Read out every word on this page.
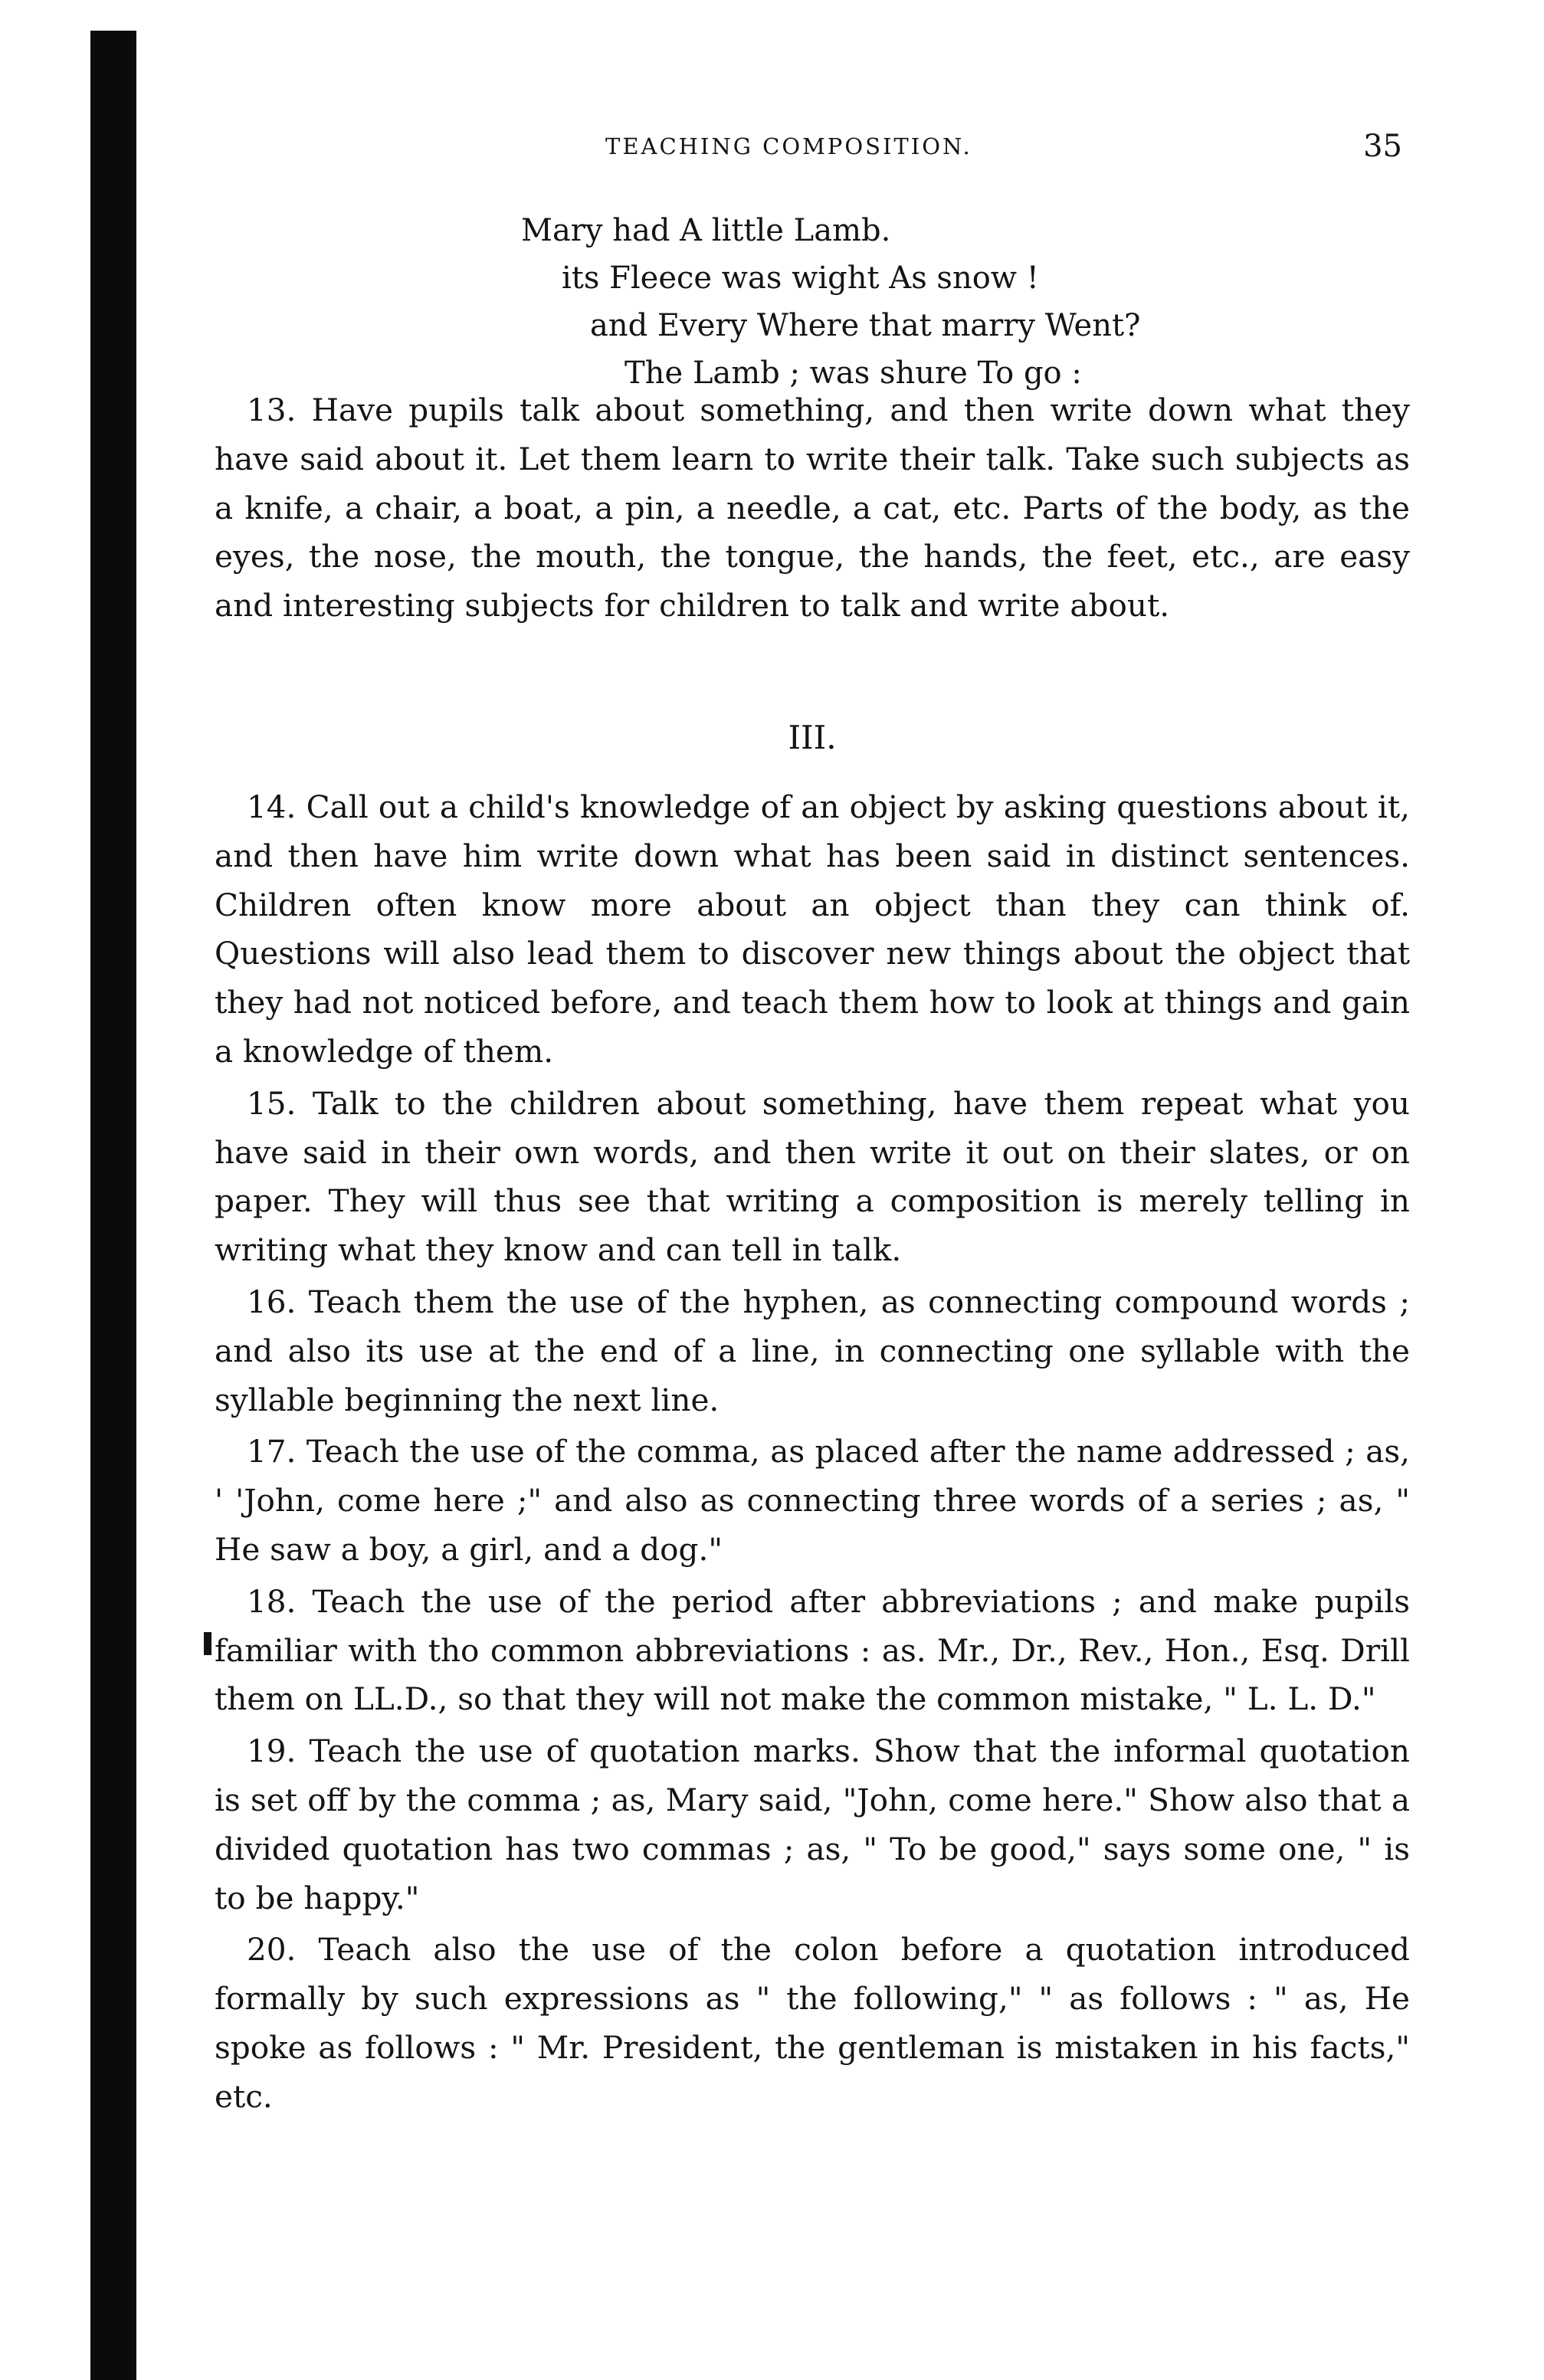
TEACHING COMPOSITION.	35
Mary had A little Lamb.
its Fleece was wight As snow !
and Every Where that marry Went?
The Lamb ; was shure To go :

13. Have pupils talk about something, and then write down what they have said about it. Let them learn to write their talk. Take such subjects as a knife, a chair, a boat, a pin, a needle, a cat, etc. Parts of the body, as the eyes, the nose, the mouth, the tongue, the hands, the feet, etc., are easy and interesting subjects for children to talk and write about.

III.

14. Call out a child's knowledge of an object by asking questions about it, and then have him write down what has been said in distinct sentences. Children often know more about an object than they can think of. Questions will also lead them to discover new things about the object that they had not noticed before, and teach them how to look at things and gain a knowledge of them.

15. Talk to the children about something, have them repeat what you have said in their own words, and then write it out on their slates, or on paper. They will thus see that writing a composition is merely telling in writing what they know and can tell in talk.

16. Teach them the use of the hyphen, as connecting compound words ; and also its use at the end of a line, in connecting one syllable with the syllable beginning the next line.

17. Teach the use of the comma, as placed after the name addressed ; as, ' 'John, come here ;" and also as connecting three words of a series ; as, " He saw a boy, a girl, and a dog."

18. Teach the use of the period after abbreviations ; and make pupils familiar with tho common abbreviations : as. Mr., Dr., Rev., Hon., Esq. Drill them on LL.D., so that they will not make the common mistake, " L. L. D."

19. Teach the use of quotation marks. Show that the informal quotation is set off by the comma ; as, Mary said, "John, come here." Show also that a divided quotation has two commas ; as, " To be good," says some one, " is to be happy."

20. Teach also the use of the colon before a quotation introduced formally by such expressions as " the following," " as follows : " as, He spoke as follows : " Mr. President, the gentleman is mistaken in his facts," etc.
